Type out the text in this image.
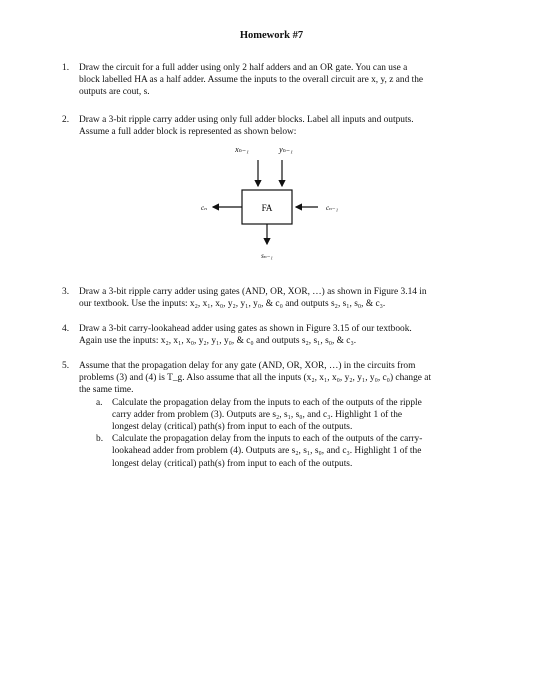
Homework #7
1. Draw the circuit for a full adder using only 2 half adders and an OR gate. You can use a

block labelled HA as a half adder. Assume the inputs to the overall circuit are x, y, z and the

outputs are cout, s.

2. Draw a 3-bit ripple carry adder using only full adder blocks. Label all inputs and outputs.

Assume a full adder block is represented as shown below:

xₙ₋₁	yₙ₋₁
FA
cₙ	cₙ₋₁
sₙ₋₁
3. Draw a 3-bit ripple carry adder using gates (AND, OR, XOR, …) as shown in Figure 3.14 in

our textbook. Use the inputs: x₂, x₁, x₀, y₂, y₁, y₀, & c₀ and outputs s₂, s₁, s₀, & c₃.

4. Draw a 3-bit carry-lookahead adder using gates as shown in Figure 3.15 of our textbook.

Again use the inputs: x₂, x₁, x₀, y₂, y₁, y₀, & c₀ and outputs s₂, s₁, s₀, & c₃.

5. Assume that the propagation delay for any gate (AND, OR, XOR, …) in the circuits from

problems (3) and (4) is T_g. Also assume that all the inputs (x₂, x₁, x₀, y₂, y₁, y₀, c₀) change at

the same time.

a. Calculate the propagation delay from the inputs to each of the outputs of the ripple

carry adder from problem (3). Outputs are s₂, s₁, s₀, and c₃. Highlight 1 of the

longest delay (critical) path(s) from input to each of the outputs.

b. Calculate the propagation delay from the inputs to each of the outputs of the carry-

lookahead adder from problem (4). Outputs are s₂, s₁, s₀, and c₃. Highlight 1 of the

longest delay (critical) path(s) from input to each of the outputs.
